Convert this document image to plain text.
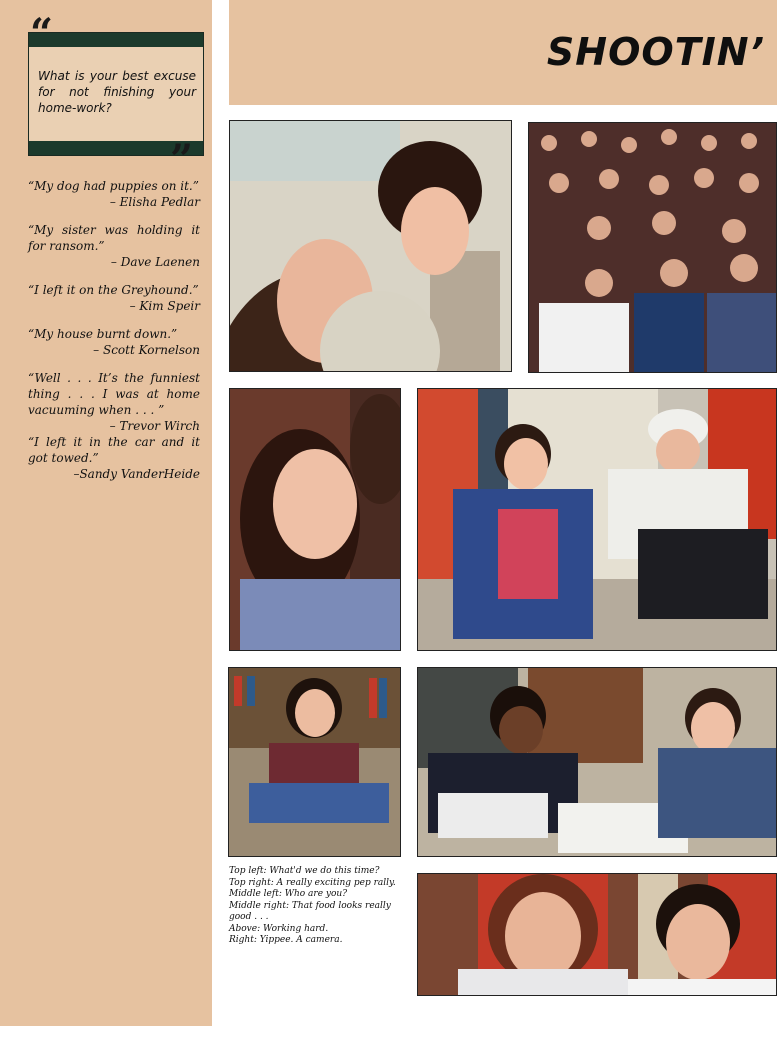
“
”
What is your best excuse for not finishing your home-work?
“My dog had puppies on it.”
– Elisha Pedlar
“My sister was holding it for ransom.”
– Dave Laenen
“I left it on the Greyhound.”
– Kim Speir
“My house burnt down.”
– Scott Kornelson
“Well . . . It’s the funniest thing . . . I was at home vacuuming when . . . ”
– Trevor Wirch
“I left it in the car and it got towed.”
–Sandy VanderHeide
SHOOTIN’
Top left: What'd we do this time?
Top right: A really exciting pep rally.
Middle left: Who are you?
Middle right: That food looks really good . . .
Above: Working hard.
Right: Yippee. A camera.
